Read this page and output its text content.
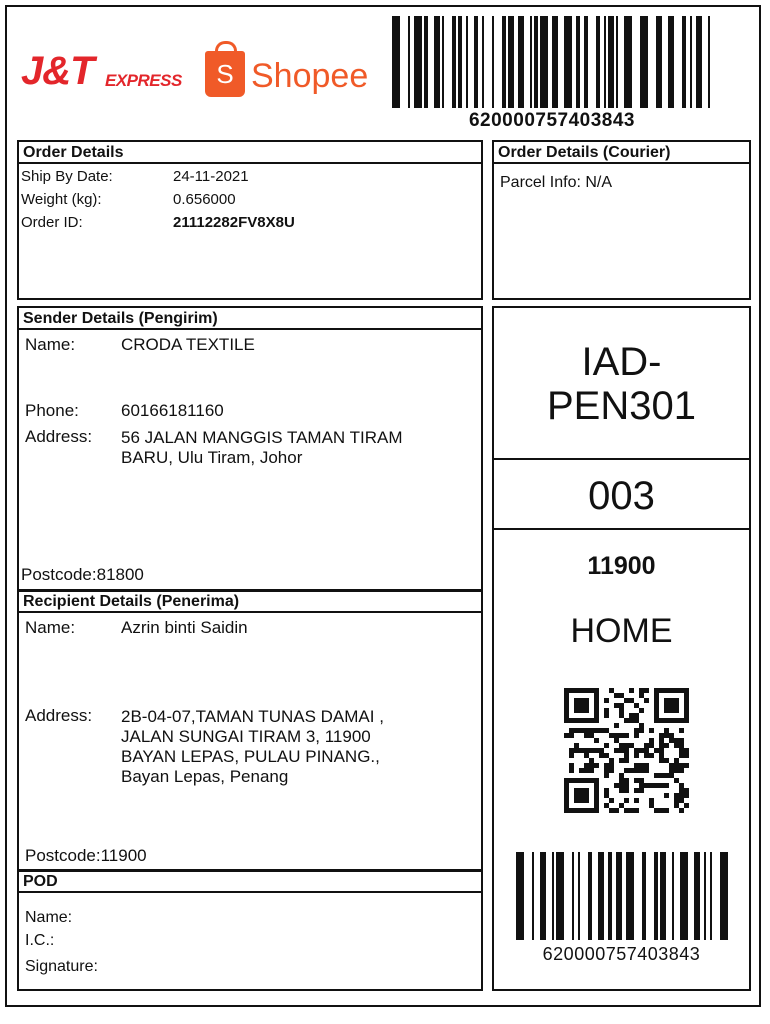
J&T EXPRESS	S Shopee
620000757403843
Order Details
Ship By Date:	24-11-2021
Weight (kg):	0.656000
Order ID:	21112282FV8X8U
Order Details (Courier)
Parcel Info: N/A
Sender Details (Pengirim)
Name:	CRODA TEXTILE
Phone: 60166181160
Address: 56 JALAN MANGGIS TAMAN TIRAM
BARU, Ulu Tiram, Johor
Postcode:81800
Recipient Details (Penerima)
Name:	Azrin binti Saidin
Address: 2B-04-07,TAMAN TUNAS DAMAI ,
JALAN SUNGAI TIRAM 3, 11900
BAYAN LEPAS, PULAU PINANG.,
Bayan Lepas, Penang
Postcode:11900
POD
Name:
I.C.:
Signature:
IAD-
PEN301
003
11900
HOME
620000757403843
